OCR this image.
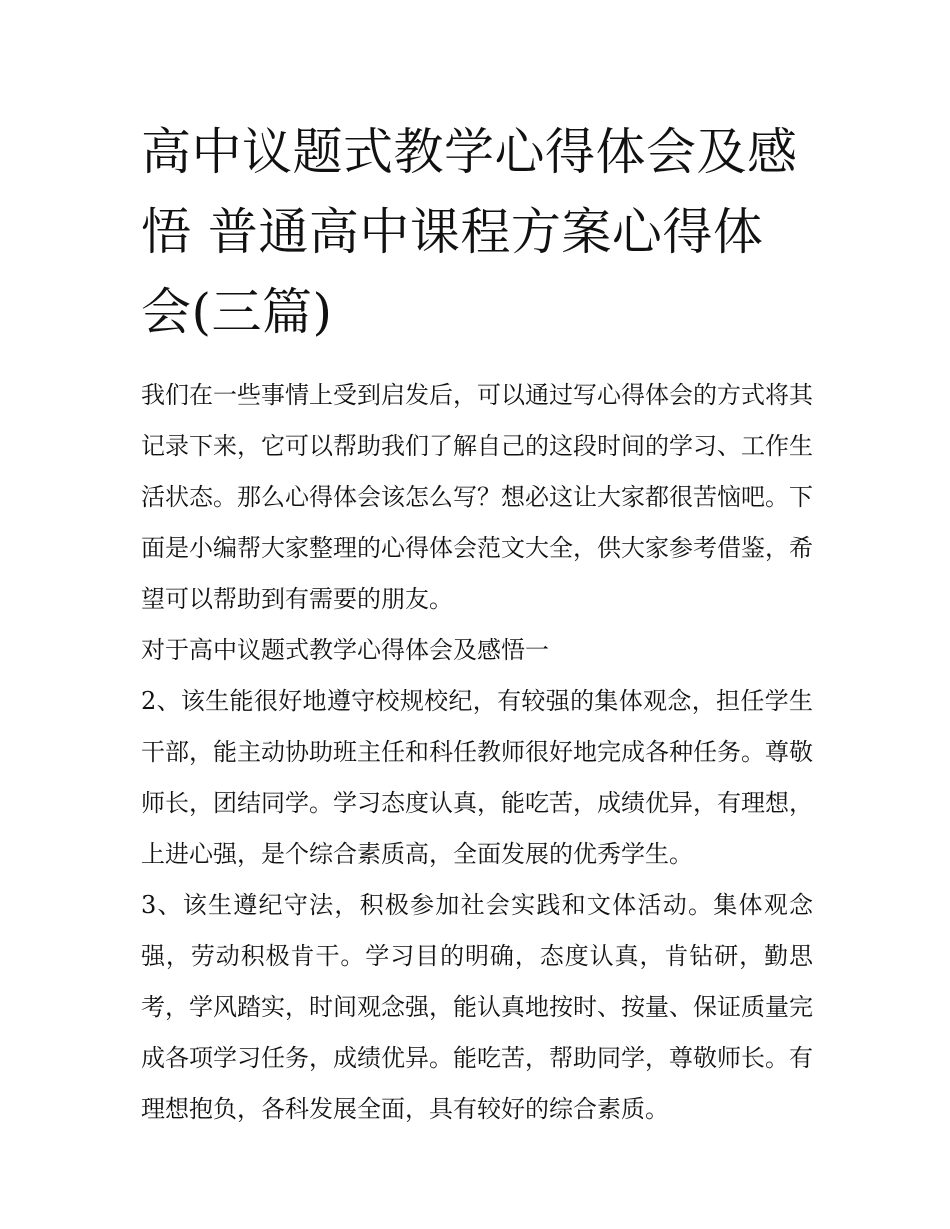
高中议题式教学心得体会及感悟 普通高中课程方案心得体会(三篇)

我们在一些事情上受到启发后，可以通过写心得体会的方式将其记录下来，它可以帮助我们了解自己的这段时间的学习、工作生活状态。那么心得体会该怎么写？想必这让大家都很苦恼吧。下面是小编帮大家整理的心得体会范文大全，供大家参考借鉴，希望可以帮助到有需要的朋友。

对于高中议题式教学心得体会及感悟一

2、该生能很好地遵守校规校纪，有较强的集体观念，担任学生干部，能主动协助班主任和科任教师很好地完成各种任务。尊敬师长，团结同学。学习态度认真，能吃苦，成绩优异，有理想，上进心强，是个综合素质高，全面发展的优秀学生。

3、该生遵纪守法，积极参加社会实践和文体活动。集体观念强，劳动积极肯干。学习目的明确，态度认真，肯钻研，勤思考，学风踏实，时间观念强，能认真地按时、按量、保证质量完成各项学习任务，成绩优异。能吃苦，帮助同学，尊敬师长。有理想抱负，各科发展全面，具有较好的综合素质。
